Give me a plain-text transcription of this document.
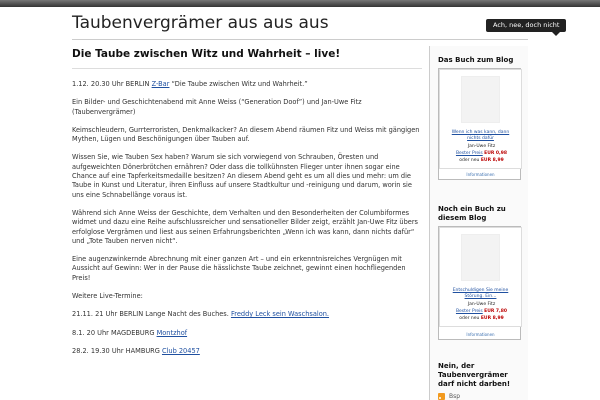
Taubenvergrämer aus aus aus	Ach, nee, doch nicht
Die Taube zwischen Witz und Wahrheit – live!

1.12. 20.30 Uhr BERLIN Z-Bar “Die Taube zwischen Witz und Wahrheit.”

Ein Bilder- und Geschichtenabend mit Anne Weiss (“Generation Doof”) und Jan-Uwe Fitz (Taubenvergrämer)

Keimschleudern, Gurrterroristen, Denkmalkacker? An diesem Abend räumen Fitz und Weiss mit gängigen Mythen, Lügen und Beschönigungen über Tauben auf.

Wissen Sie, wie Tauben Sex haben? Warum sie sich vorwiegend von Schrauben, Öresten und aufgeweichten Dönerbrötchen ernähren? Oder dass die tollkühnsten Flieger unter ihnen sogar eine Chance auf eine Tapferkeitsmedaille besitzen? An diesem Abend geht es um all dies und mehr: um die Taube in Kunst und Literatur, ihren Einfluss auf unsere Stadtkultur und -reinigung und darum, worin sie uns eine Schnabellänge voraus ist.

Während sich Anne Weiss der Geschichte, dem Verhalten und den Besonderheiten der Columbiformes widmet und dazu eine Reihe aufschlussreicher und sensationeller Bilder zeigt, erzählt Jan-Uwe Fitz übers erfolglose Vergrämen und liest aus seinen Erfahrungsberichten „Wenn ich was kann, dann nichts dafür“ und „Tote Tauben nerven nicht“.

Eine augenzwinkernde Abrechnung mit einer ganzen Art – und ein erkenntnisreiches Vergnügen mit Aussicht auf Gewinn: Wer in der Pause die hässlichste Taube zeichnet, gewinnt einen hochfliegenden Preis!

Weitere Live-Termine:

21.11. 21 Uhr BERLIN Lange Nacht des Buches. Freddy Leck sein Waschsalon.

8.1. 20 Uhr MAGDEBURG Montzhof

28.2. 19.30 Uhr HAMBURG Club 20457

Das Buch zum Blog
Wenn ich was kann, dann nichts dafür
Jan-Uwe Fitz
Bester Preis EUR 0,98
oder neu EUR 8,99
Informationen
Noch ein Buch zu diesem Blog
Entschuldigen Sie meine Störung. Ein...
Jan-Uwe Fitz
Bester Preis EUR 7,80
oder neu EUR 8,99
Informationen
Nein, der Taubenvergrämer darf nicht darben!
Bsp
